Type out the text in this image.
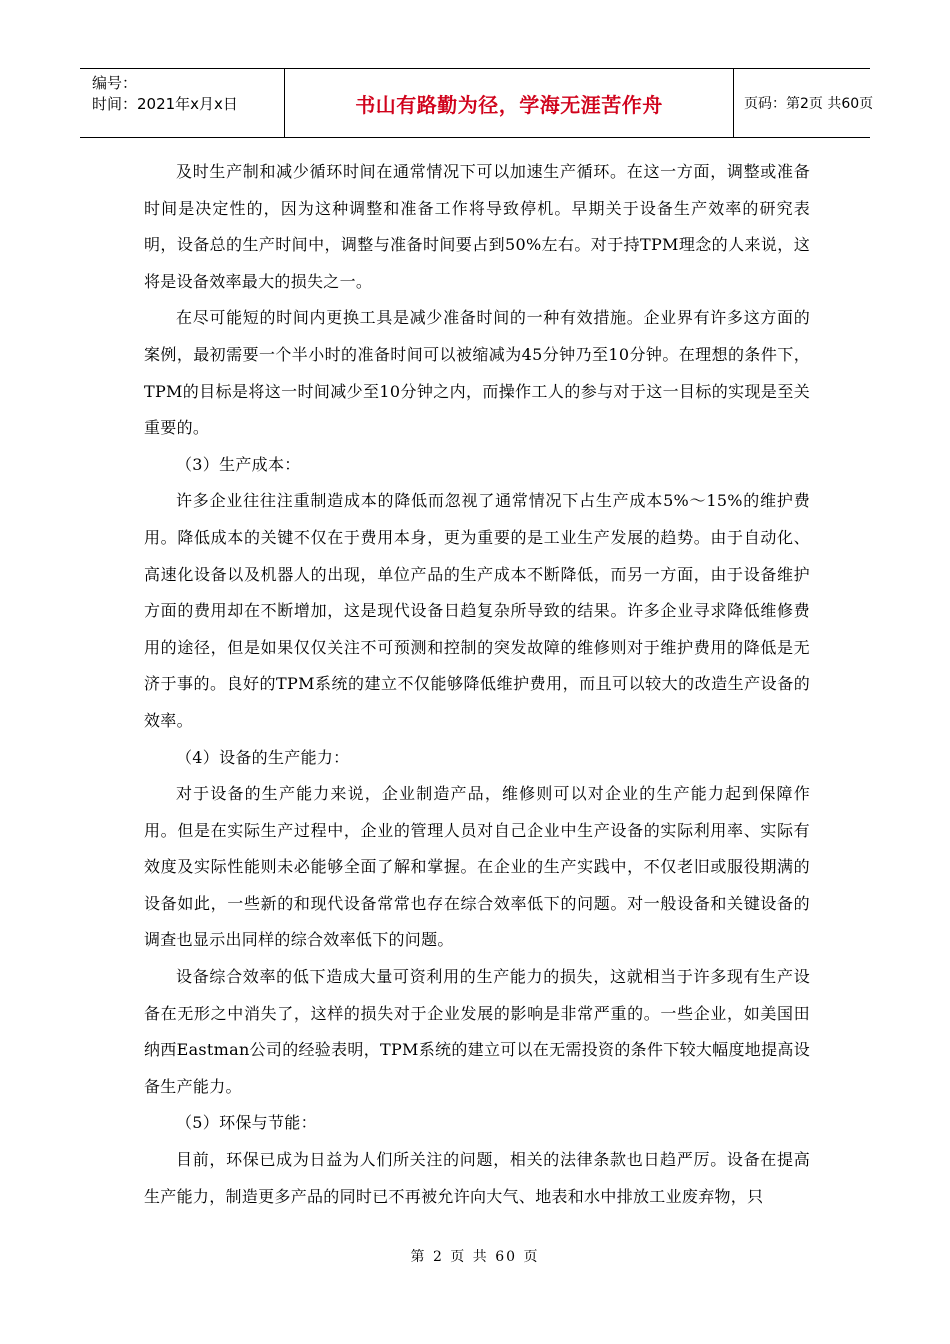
编号：
时间：2021年x月x日	书山有路勤为径，学海无涯苦作舟	页码：第2页 共60页

及时生产制和减少循环时间在通常情况下可以加速生产循环。在这一方面，调整或准备时间是决定性的，因为这种调整和准备工作将导致停机。早期关于设备生产效率的研究表明，设备总的生产时间中，调整与准备时间要占到50%左右。对于持TPM理念的人来说，这将是设备效率最大的损失之一。

在尽可能短的时间内更换工具是减少准备时间的一种有效措施。企业界有许多这方面的案例，最初需要一个半小时的准备时间可以被缩减为45分钟乃至10分钟。在理想的条件下，TPM的目标是将这一时间减少至10分钟之内，而操作工人的参与对于这一目标的实现是至关重要的。

（3）生产成本：

许多企业往往注重制造成本的降低而忽视了通常情况下占生产成本5%～15%的维护费用。降低成本的关键不仅在于费用本身，更为重要的是工业生产发展的趋势。由于自动化、高速化设备以及机器人的出现，单位产品的生产成本不断降低，而另一方面，由于设备维护方面的费用却在不断增加，这是现代设备日趋复杂所导致的结果。许多企业寻求降低维修费用的途径，但是如果仅仅关注不可预测和控制的突发故障的维修则对于维护费用的降低是无济于事的。良好的TPM系统的建立不仅能够降低维护费用，而且可以较大的改造生产设备的效率。

（4）设备的生产能力：

对于设备的生产能力来说，企业制造产品，维修则可以对企业的生产能力起到保障作用。但是在实际生产过程中，企业的管理人员对自己企业中生产设备的实际利用率、实际有效度及实际性能则未必能够全面了解和掌握。在企业的生产实践中，不仅老旧或服役期满的设备如此，一些新的和现代设备常常也存在综合效率低下的问题。对一般设备和关键设备的调查也显示出同样的综合效率低下的问题。

设备综合效率的低下造成大量可资利用的生产能力的损失，这就相当于许多现有生产设备在无形之中消失了，这样的损失对于企业发展的影响是非常严重的。一些企业，如美国田纳西Eastman公司的经验表明，TPM系统的建立可以在无需投资的条件下较大幅度地提高设备生产能力。

（5）环保与节能：

目前，环保已成为日益为人们所关注的问题，相关的法律条款也日趋严厉。设备在提高生产能力，制造更多产品的同时已不再被允许向大气、地表和水中排放工业废弃物，只

第 2 页 共 60 页
